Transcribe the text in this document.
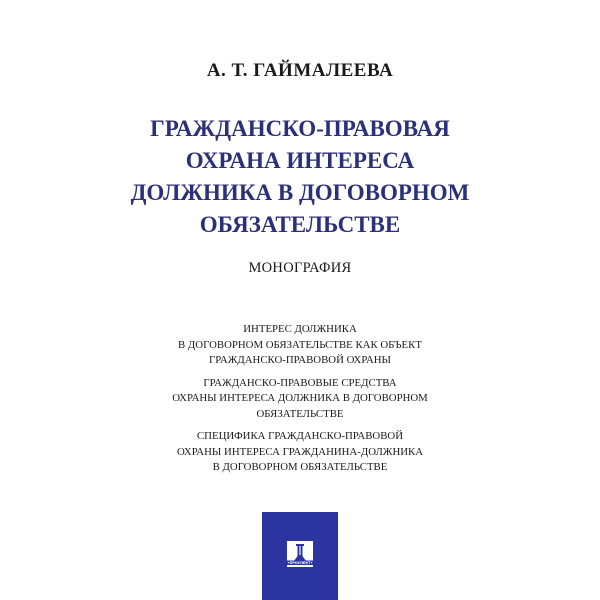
А. Т. ГАЙМАЛЕЕВА
ГРАЖДАНСКО-ПРАВОВАЯ
ОХРАНА ИНТЕРЕСА
ДОЛЖНИКА В ДОГОВОРНОМ
ОБЯЗАТЕЛЬСТВЕ
МОНОГРАФИЯ
ИНТЕРЕС ДОЛЖНИКА
В ДОГОВОРНОМ ОБЯЗАТЕЛЬСТВЕ КАК ОБЪЕКТ
ГРАЖДАНСКО-ПРАВОВОЙ ОХРАНЫ
ГРАЖДАНСКО-ПРАВОВЫЕ СРЕДСТВА
ОХРАНЫ ИНТЕРЕСА ДОЛЖНИКА В ДОГОВОРНОМ
ОБЯЗАТЕЛЬСТВЕ
СПЕЦИФИКА ГРАЖДАНСКО-ПРАВОВОЙ
ОХРАНЫ ИНТЕРЕСА ГРАЖДАНИНА-ДОЛЖНИКА
В ДОГОВОРНОМ ОБЯЗАТЕЛЬСТВЕ
•ПРОСПЕКТ•
